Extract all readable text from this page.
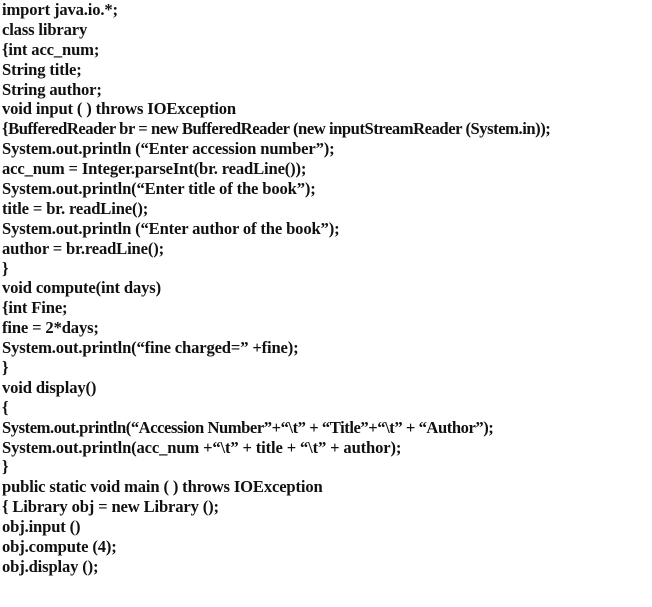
import java.io.*;
class library
{int acc_num;
String title;
String author;
void input ( ) throws IOException
{BufferedReader br = new BufferedReader (new inputStreamReader (System.in));
System.out.println (“Enter accession number”);
acc_num = Integer.parseInt(br. readLine());
System.out.println(“Enter title of the book”);
title = br. readLine();
System.out.println (“Enter author of the book”);
author = br.readLine();
}
void compute(int days)
{int Fine;
fine = 2*days;
System.out.println(“fine charged=” +fine);
}
void display()
{
System.out.println(“Accession Number”+“\t” + “Title”+“\t” + “Author”);
System.out.println(acc_num +“\t” + title + “\t” + author);
}
public static void main ( ) throws IOException
{ Library obj = new Library ();
obj.input ()
obj.compute (4);
obj.display ();
